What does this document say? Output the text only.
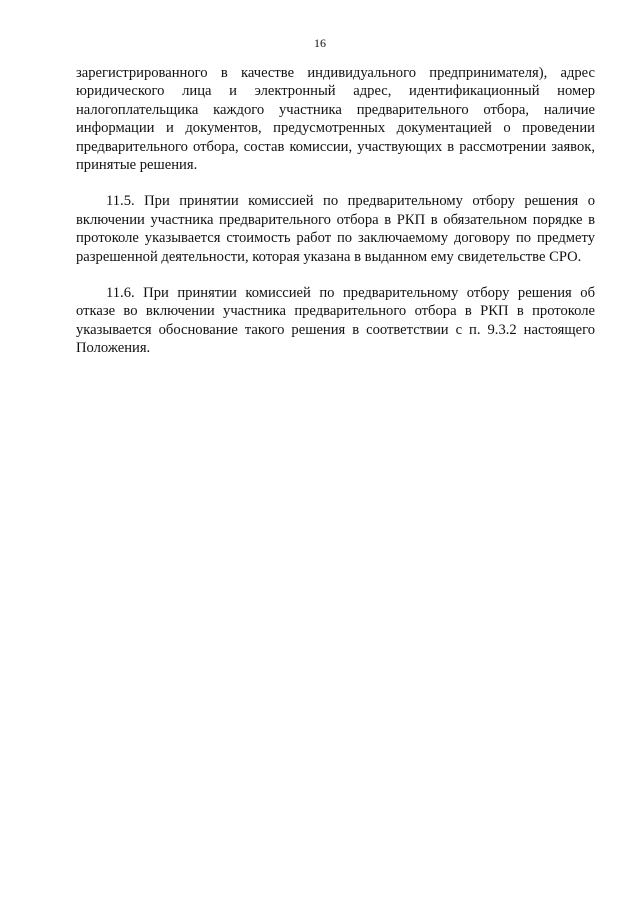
16

зарегистрированного в качестве индивидуального предпринимателя), адрес юридического лица и электронный адрес, идентификационный номер налогоплательщика каждого участника предварительного отбора, наличие информации и документов, предусмотренных документацией о проведении предварительного отбора, состав комиссии, участвующих в рассмотрении заявок, принятые решения.

11.5. При принятии комиссией по предварительному отбору решения о включении участника предварительного отбора в РКП в обязательном порядке в протоколе указывается стоимость работ по заключаемому договору по предмету разрешенной деятельности, которая указана в выданном ему свидетельстве СРО.

11.6. При принятии комиссией по предварительному отбору решения об отказе во включении участника предварительного отбора в РКП в протоколе указывается обоснование такого решения в соответствии с п. 9.3.2 настоящего Положения.
